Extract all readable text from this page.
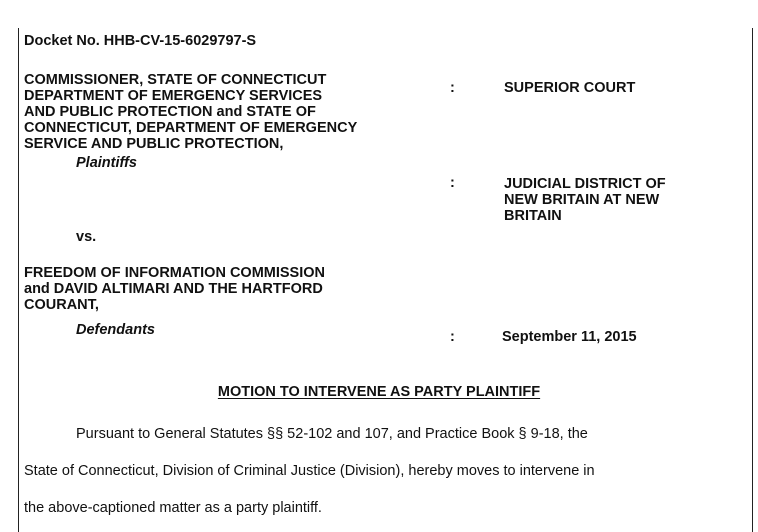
Docket No. HHB-CV-15-6029797-S
COMMISSIONER, STATE OF CONNECTICUT
DEPARTMENT OF EMERGENCY SERVICES
AND PUBLIC PROTECTION and STATE OF
CONNECTICUT, DEPARTMENT OF EMERGENCY
SERVICE AND PUBLIC PROTECTION,
Plaintiffs
vs.
FREEDOM OF INFORMATION COMMISSION
and DAVID ALTIMARI AND THE HARTFORD
COURANT,
Defendants
:
:
:
SUPERIOR COURT
JUDICIAL DISTRICT OF
NEW BRITAIN AT NEW
BRITAIN
September 11, 2015
MOTION TO INTERVENE AS PARTY PLAINTIFF
Pursuant to General Statutes §§ 52-102 and 107, and Practice Book § 9-18, the
State of Connecticut, Division of Criminal Justice (Division), hereby moves to intervene in
the above-captioned matter as a party plaintiff.
